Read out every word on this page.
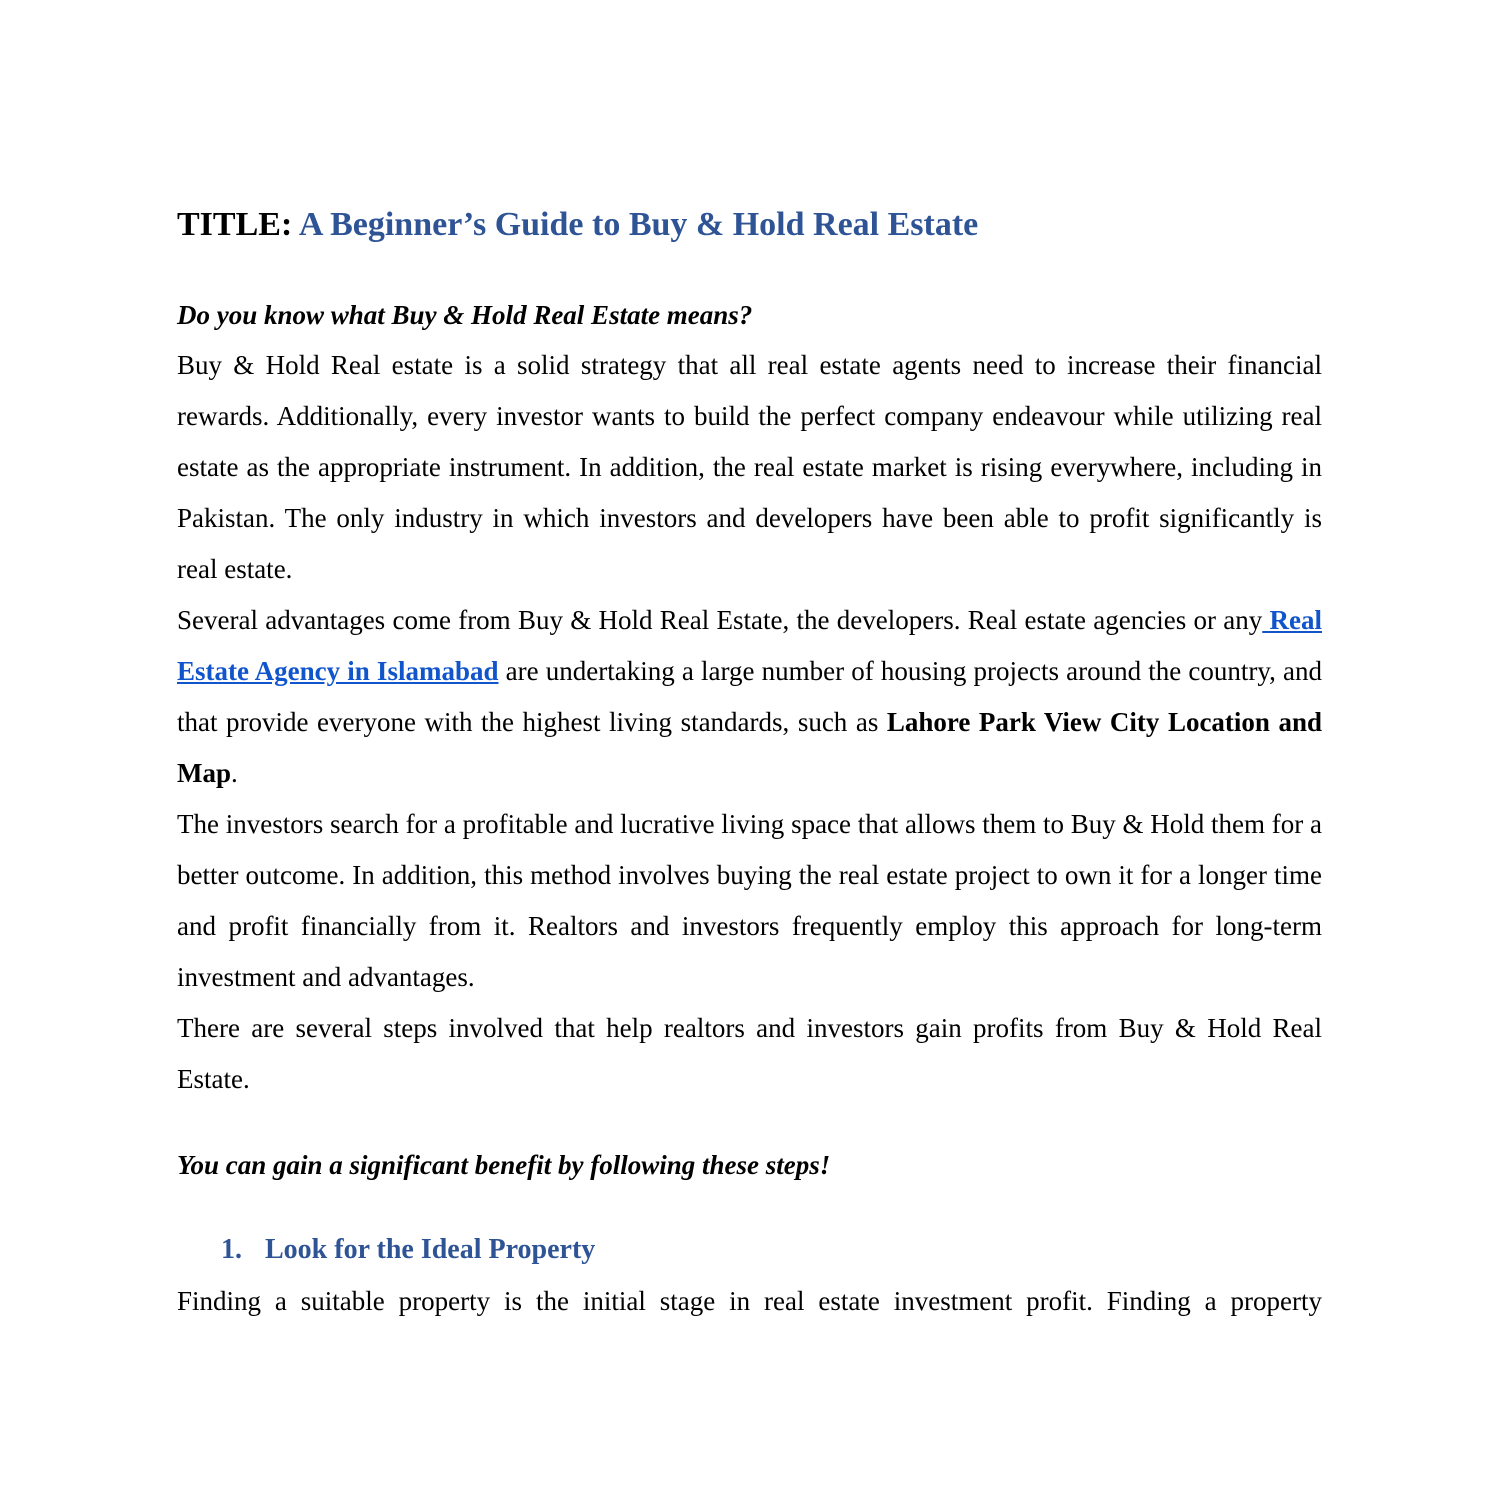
TITLE: A Beginner’s Guide to Buy & Hold Real Estate
Do you know what Buy & Hold Real Estate means?

Buy & Hold Real estate is a solid strategy that all real estate agents need to increase their financial rewards. Additionally, every investor wants to build the perfect company endeavour while utilizing real estate as the appropriate instrument. In addition, the real estate market is rising everywhere, including in Pakistan. The only industry in which investors and developers have been able to profit significantly is real estate.

Several advantages come from Buy & Hold Real Estate, the developers. Real estate agencies or any Real Estate Agency in Islamabad are undertaking a large number of housing projects around the country, and that provide everyone with the highest living standards, such as Lahore Park View City Location and Map.

The investors search for a profitable and lucrative living space that allows them to Buy & Hold them for a better outcome. In addition, this method involves buying the real estate project to own it for a longer time and profit financially from it. Realtors and investors frequently employ this approach for long-term investment and advantages.

There are several steps involved that help realtors and investors gain profits from Buy & Hold Real Estate.

You can gain a significant benefit by following these steps!
1. Look for the Ideal Property

Finding a suitable property is the initial stage in real estate investment profit. Finding a property
